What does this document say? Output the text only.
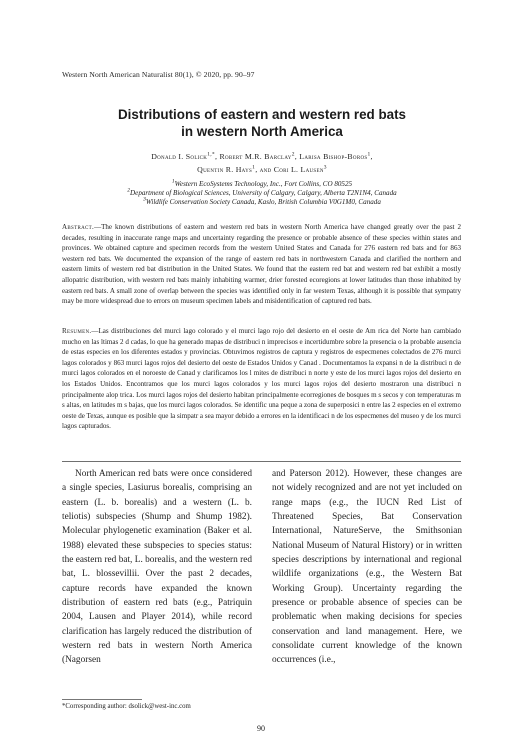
Western North American Naturalist 80(1), © 2020, pp. 90–97
Distributions of eastern and western red bats
in western North America
Donald I. Solick$^{1,*}$, Robert M.R. Barclay$^2$, Larisa Bishop-Boros$^1$,
Quentin R. Hays$^1$, and Cori L. Lausen$^3$
$^1$Western EcoSystems Technology, Inc., Fort Collins, CO 80525
$^2$Department of Biological Sciences, University of Calgary, Calgary, Alberta T2N1N4, Canada
$^3$Wildlife Conservation Society Canada, Kaslo, British Columbia V0G1M0, Canada
Abstract.—The known distributions of eastern and western red bats in western North America have changed greatly over the past 2 decades, resulting in inaccurate range maps and uncertainty regarding the presence or probable absence of these species within states and provinces. We obtained capture and specimen records from the western United States and Canada for 276 eastern red bats and for 863 western red bats. We documented the expansion of the range of eastern red bats in northwestern Canada and clarified the northern and eastern limits of western red bat distribution in the United States. We found that the eastern red bat and western red bat exhibit a mostly allopatric distribution, with western red bats mainly inhabiting warmer, drier forested ecoregions at lower latitudes than those inhabited by eastern red bats. A small zone of overlap between the species was identified only in far western Texas, although it is possible that sympatry may be more widespread due to errors on museum specimen labels and misidentification of captured red bats.
Resumen.—Las distribuciones del murci lago colorado y el murci lago rojo del desierto en el oeste de Am rica del Norte han cambiado mucho en las ltimas 2 d cadas, lo que ha generado mapas de distribuci n imprecisos e incertidumbre sobre la presencia o la probable ausencia de estas especies en los diferentes estados y provincias. Obtuvimos registros de captura y registros de especmenes colectados de 276 murci lagos colorados y 863 murci lagos rojos del desierto del oeste de Estados Unidos y Canad . Documentamos la expansi n de la distribuci n de murci lagos colorados en el noroeste de Canad y clarificamos los l mites de distribuci n norte y este de los murci lagos rojos del desierto en los Estados Unidos. Encontramos que los murci lagos colorados y los murci lagos rojos del desierto mostraron una distribuci n principalmente alop trica. Los murci lagos rojos del desierto habitan principalmente ecorregiones de bosques m s secos y con temperaturas m s altas, en latitudes m s bajas, que los murci lagos colorados. Se identific una peque a zona de superposici n entre las 2 especies en el extremo oeste de Texas, aunque es posible que la simpatr a sea mayor debido a errores en la identificaci n de los especmenes del museo y de los murci lagos capturados.

North American red bats were once considered a single species, Lasiurus borealis, comprising an eastern (L. b. borealis) and a western (L. b. teliotis) subspecies (Shump and Shump 1982). Molecular phylogenetic examination (Baker et al. 1988) elevated these subspecies to species status: the eastern red bat, L. borealis, and the western red bat, L. blossevillii. Over the past 2 decades, capture records have expanded the known distribution of eastern red bats (e.g., Patriquin 2004, Lausen and Player 2014), while record clarification has largely reduced the distribution of western red bats in western North America (Nagorsen

and Paterson 2012). However, these changes are not widely recognized and are not yet included on range maps (e.g., the IUCN Red List of Threatened Species, Bat Conservation International, NatureServe, the Smithsonian National Museum of Natural History) or in written species descriptions by international and regional wildlife organizations (e.g., the Western Bat Working Group). Uncertainty regarding the presence or probable absence of species can be problematic when making decisions for species conservation and land management. Here, we consolidate current knowledge of the known occurrences (i.e.,

*Corresponding author: dsolick@west-inc.com
90
